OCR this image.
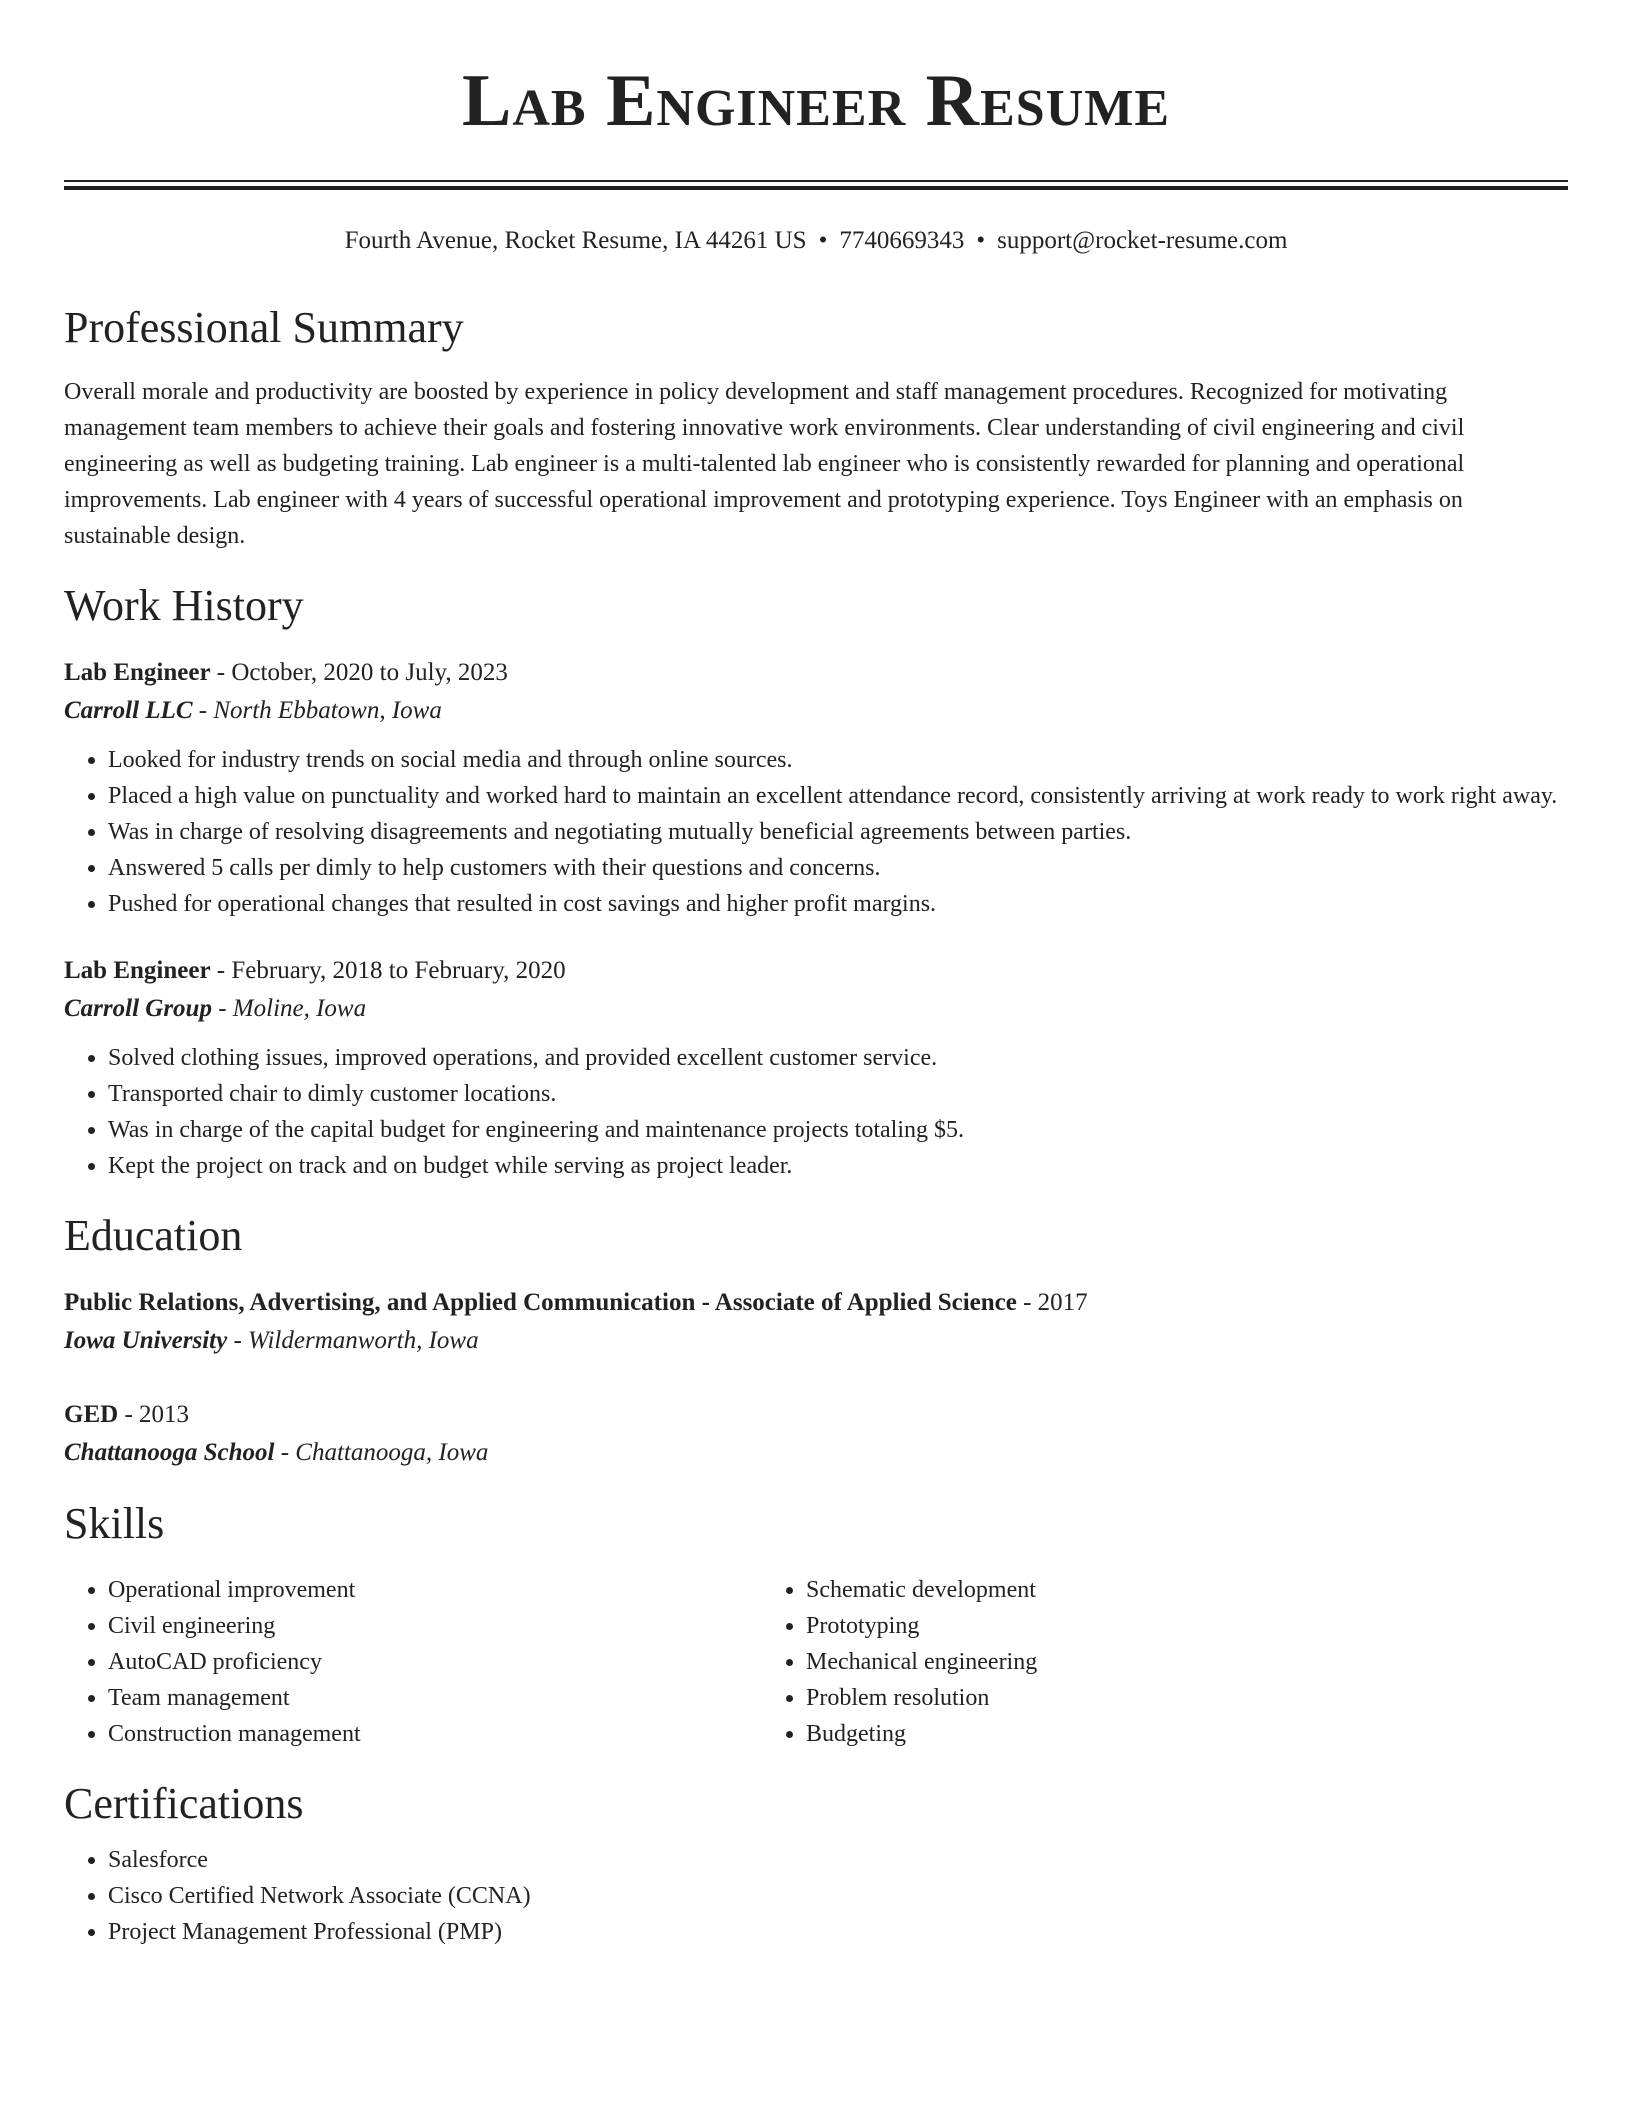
Lab Engineer Resume
Fourth Avenue, Rocket Resume, IA 44261 US • 7740669343 • support@rocket-resume.com
Professional Summary
Overall morale and productivity are boosted by experience in policy development and staff management procedures. Recognized for motivating management team members to achieve their goals and fostering innovative work environments. Clear understanding of civil engineering and civil engineering as well as budgeting training. Lab engineer is a multi-talented lab engineer who is consistently rewarded for planning and operational improvements. Lab engineer with 4 years of successful operational improvement and prototyping experience. Toys Engineer with an emphasis on sustainable design.
Work History
Lab Engineer - October, 2020 to July, 2023
Carroll LLC - North Ebbatown, Iowa
• Looked for industry trends on social media and through online sources.
• Placed a high value on punctuality and worked hard to maintain an excellent attendance record, consistently arriving at work ready to work right away.
• Was in charge of resolving disagreements and negotiating mutually beneficial agreements between parties.
• Answered 5 calls per dimly to help customers with their questions and concerns.
• Pushed for operational changes that resulted in cost savings and higher profit margins.
Lab Engineer - February, 2018 to February, 2020
Carroll Group - Moline, Iowa
• Solved clothing issues, improved operations, and provided excellent customer service.
• Transported chair to dimly customer locations.
• Was in charge of the capital budget for engineering and maintenance projects totaling $5.
• Kept the project on track and on budget while serving as project leader.
Education
Public Relations, Advertising, and Applied Communication - Associate of Applied Science - 2017
Iowa University - Wildermanworth, Iowa
GED - 2013
Chattanooga School - Chattanooga, Iowa
Skills
• Operational improvement
• Civil engineering
• AutoCAD proficiency
• Team management
• Construction management
• Schematic development
• Prototyping
• Mechanical engineering
• Problem resolution
• Budgeting
Certifications
• Salesforce
• Cisco Certified Network Associate (CCNA)
• Project Management Professional (PMP)
